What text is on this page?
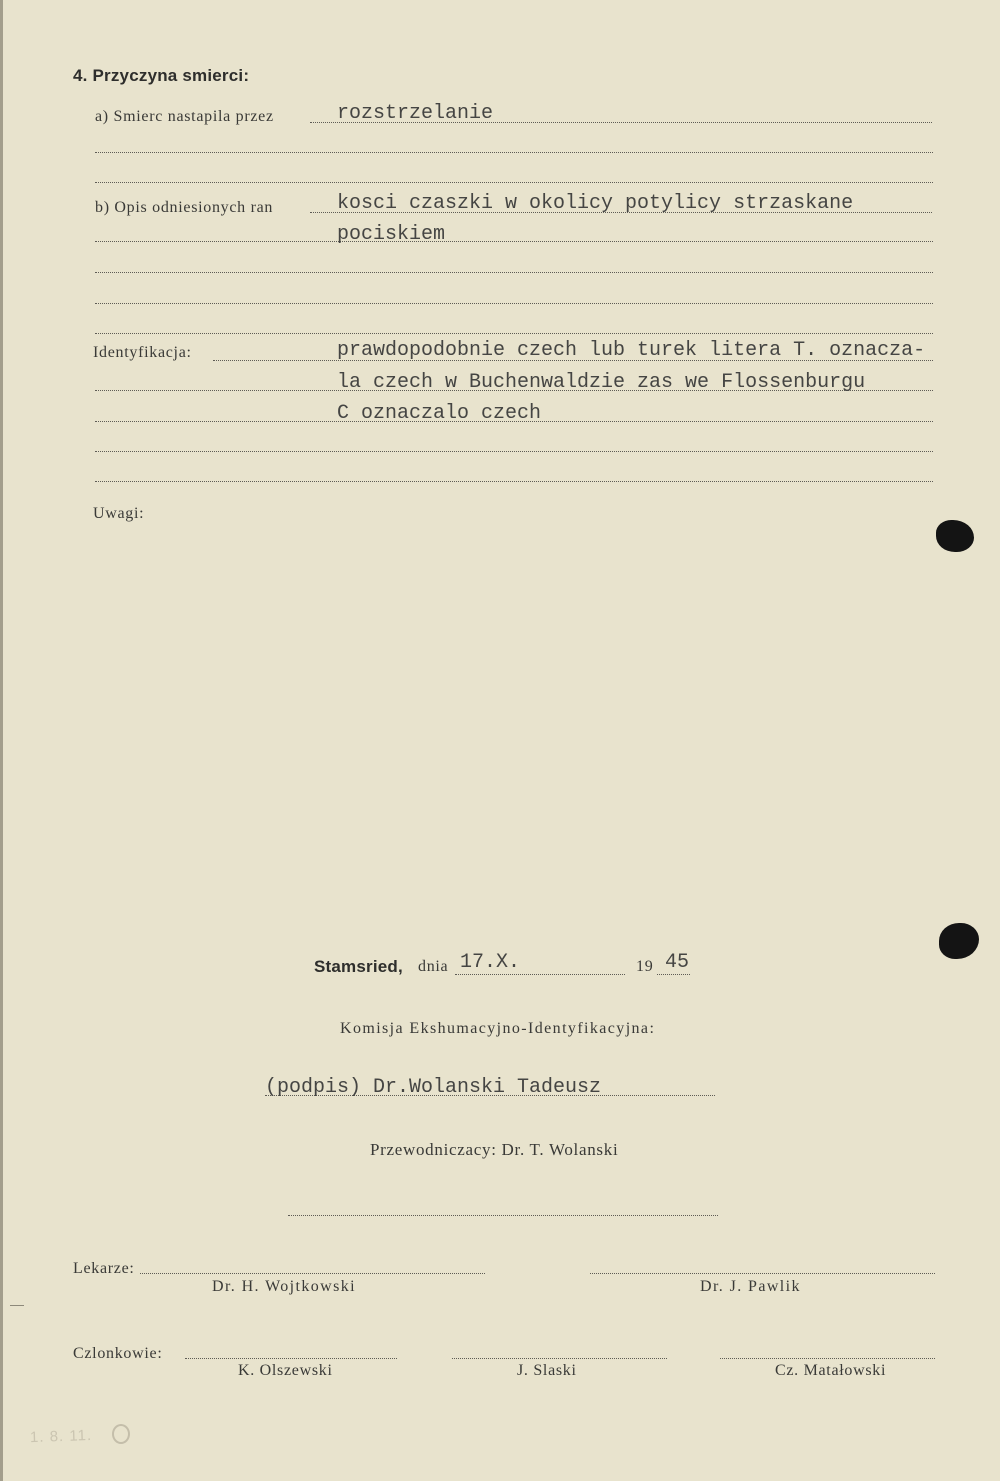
4. Przyczyna smierci:
a) Smierc nastapila przez	rozstrzelanie
b) Opis odniesionych ran	kosci czaszki w okolicy potylicy strzaskane
pociskiem
Identyfikacja:	prawdopodobnie czech lub turek litera T. oznacza-
la czech w Buchenwaldzie zas we Flossenburgu
C oznaczalo czech
Uwagi:
Stamsried, dnia 17.X.	19 45
Komisja Ekshumacyjno-Identyfikacyjna:
(podpis) Dr.Wolanski Tadeusz
Przewodniczacy: Dr. T. Wolanski
Lekarze:
Dr. H. Wojtkowski	Dr. J. Pawlik
Czlonkowie:
K. Olszewski	J. Slaski	Cz. Matałowski
1. 8. 11.
